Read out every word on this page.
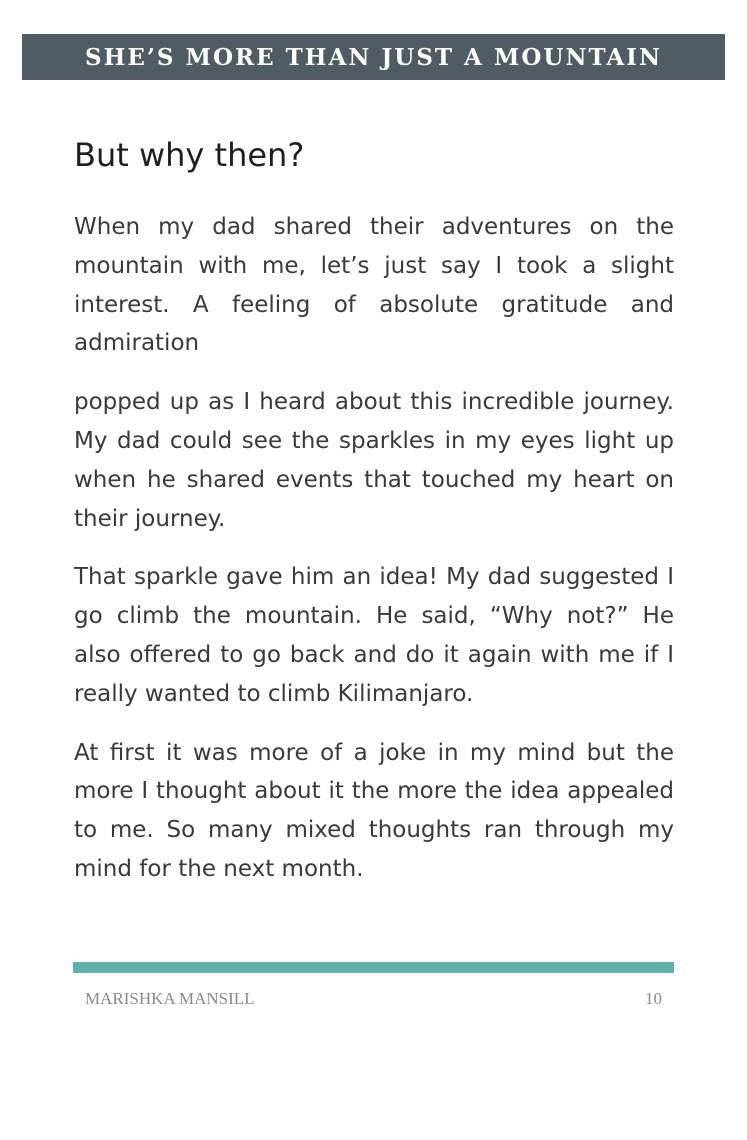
SHE’S MORE THAN JUST A MOUNTAIN
But why then?

When my dad shared their adventures on the mountain with me, let’s just say I took a slight interest. A feeling of absolute gratitude and admiration

popped up as I heard about this incredible journey. My dad could see the sparkles in my eyes light up when he shared events that touched my heart on their journey.

That sparkle gave him an idea! My dad suggested I go climb the mountain. He said, “Why not?” He also offered to go back and do it again with me if I really wanted to climb Kilimanjaro.

At first it was more of a joke in my mind but the more I thought about it the more the idea appealed to me. So many mixed thoughts ran through my mind for the next month.

MARISHKA MANSILL	10
